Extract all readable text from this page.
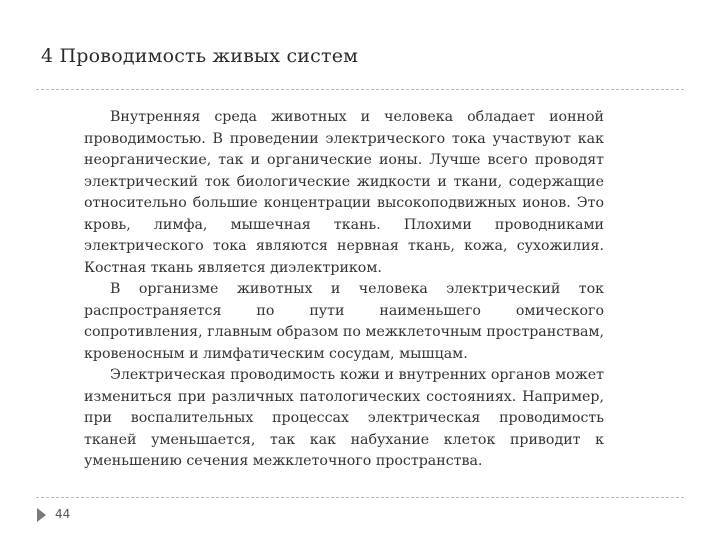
4 Проводимость живых систем

Внутренняя среда животных и человека обладает ионной проводимостью. В проведении электрического тока участвуют как неорганические, так и органические ионы. Лучше всего проводят электрический ток биологические жидкости и ткани, содержащие относительно большие концентрации высокоподвижных ионов. Это кровь, лимфа, мышечная ткань. Плохими проводниками электрического тока являются нервная ткань, кожа, сухожилия. Костная ткань является диэлектриком.

В организме животных и человека электрический ток распространяется по пути наименьшего омического сопротивления, главным образом по межклеточным пространствам, кровеносным и лимфатическим сосудам, мышцам.

Электрическая проводимость кожи и внутренних органов может измениться при различных патологических состояниях. Например, при воспалительных процессах электрическая проводимость тканей уменьшается, так как набухание клеток приводит к уменьшению сечения межклеточного пространства.

44
